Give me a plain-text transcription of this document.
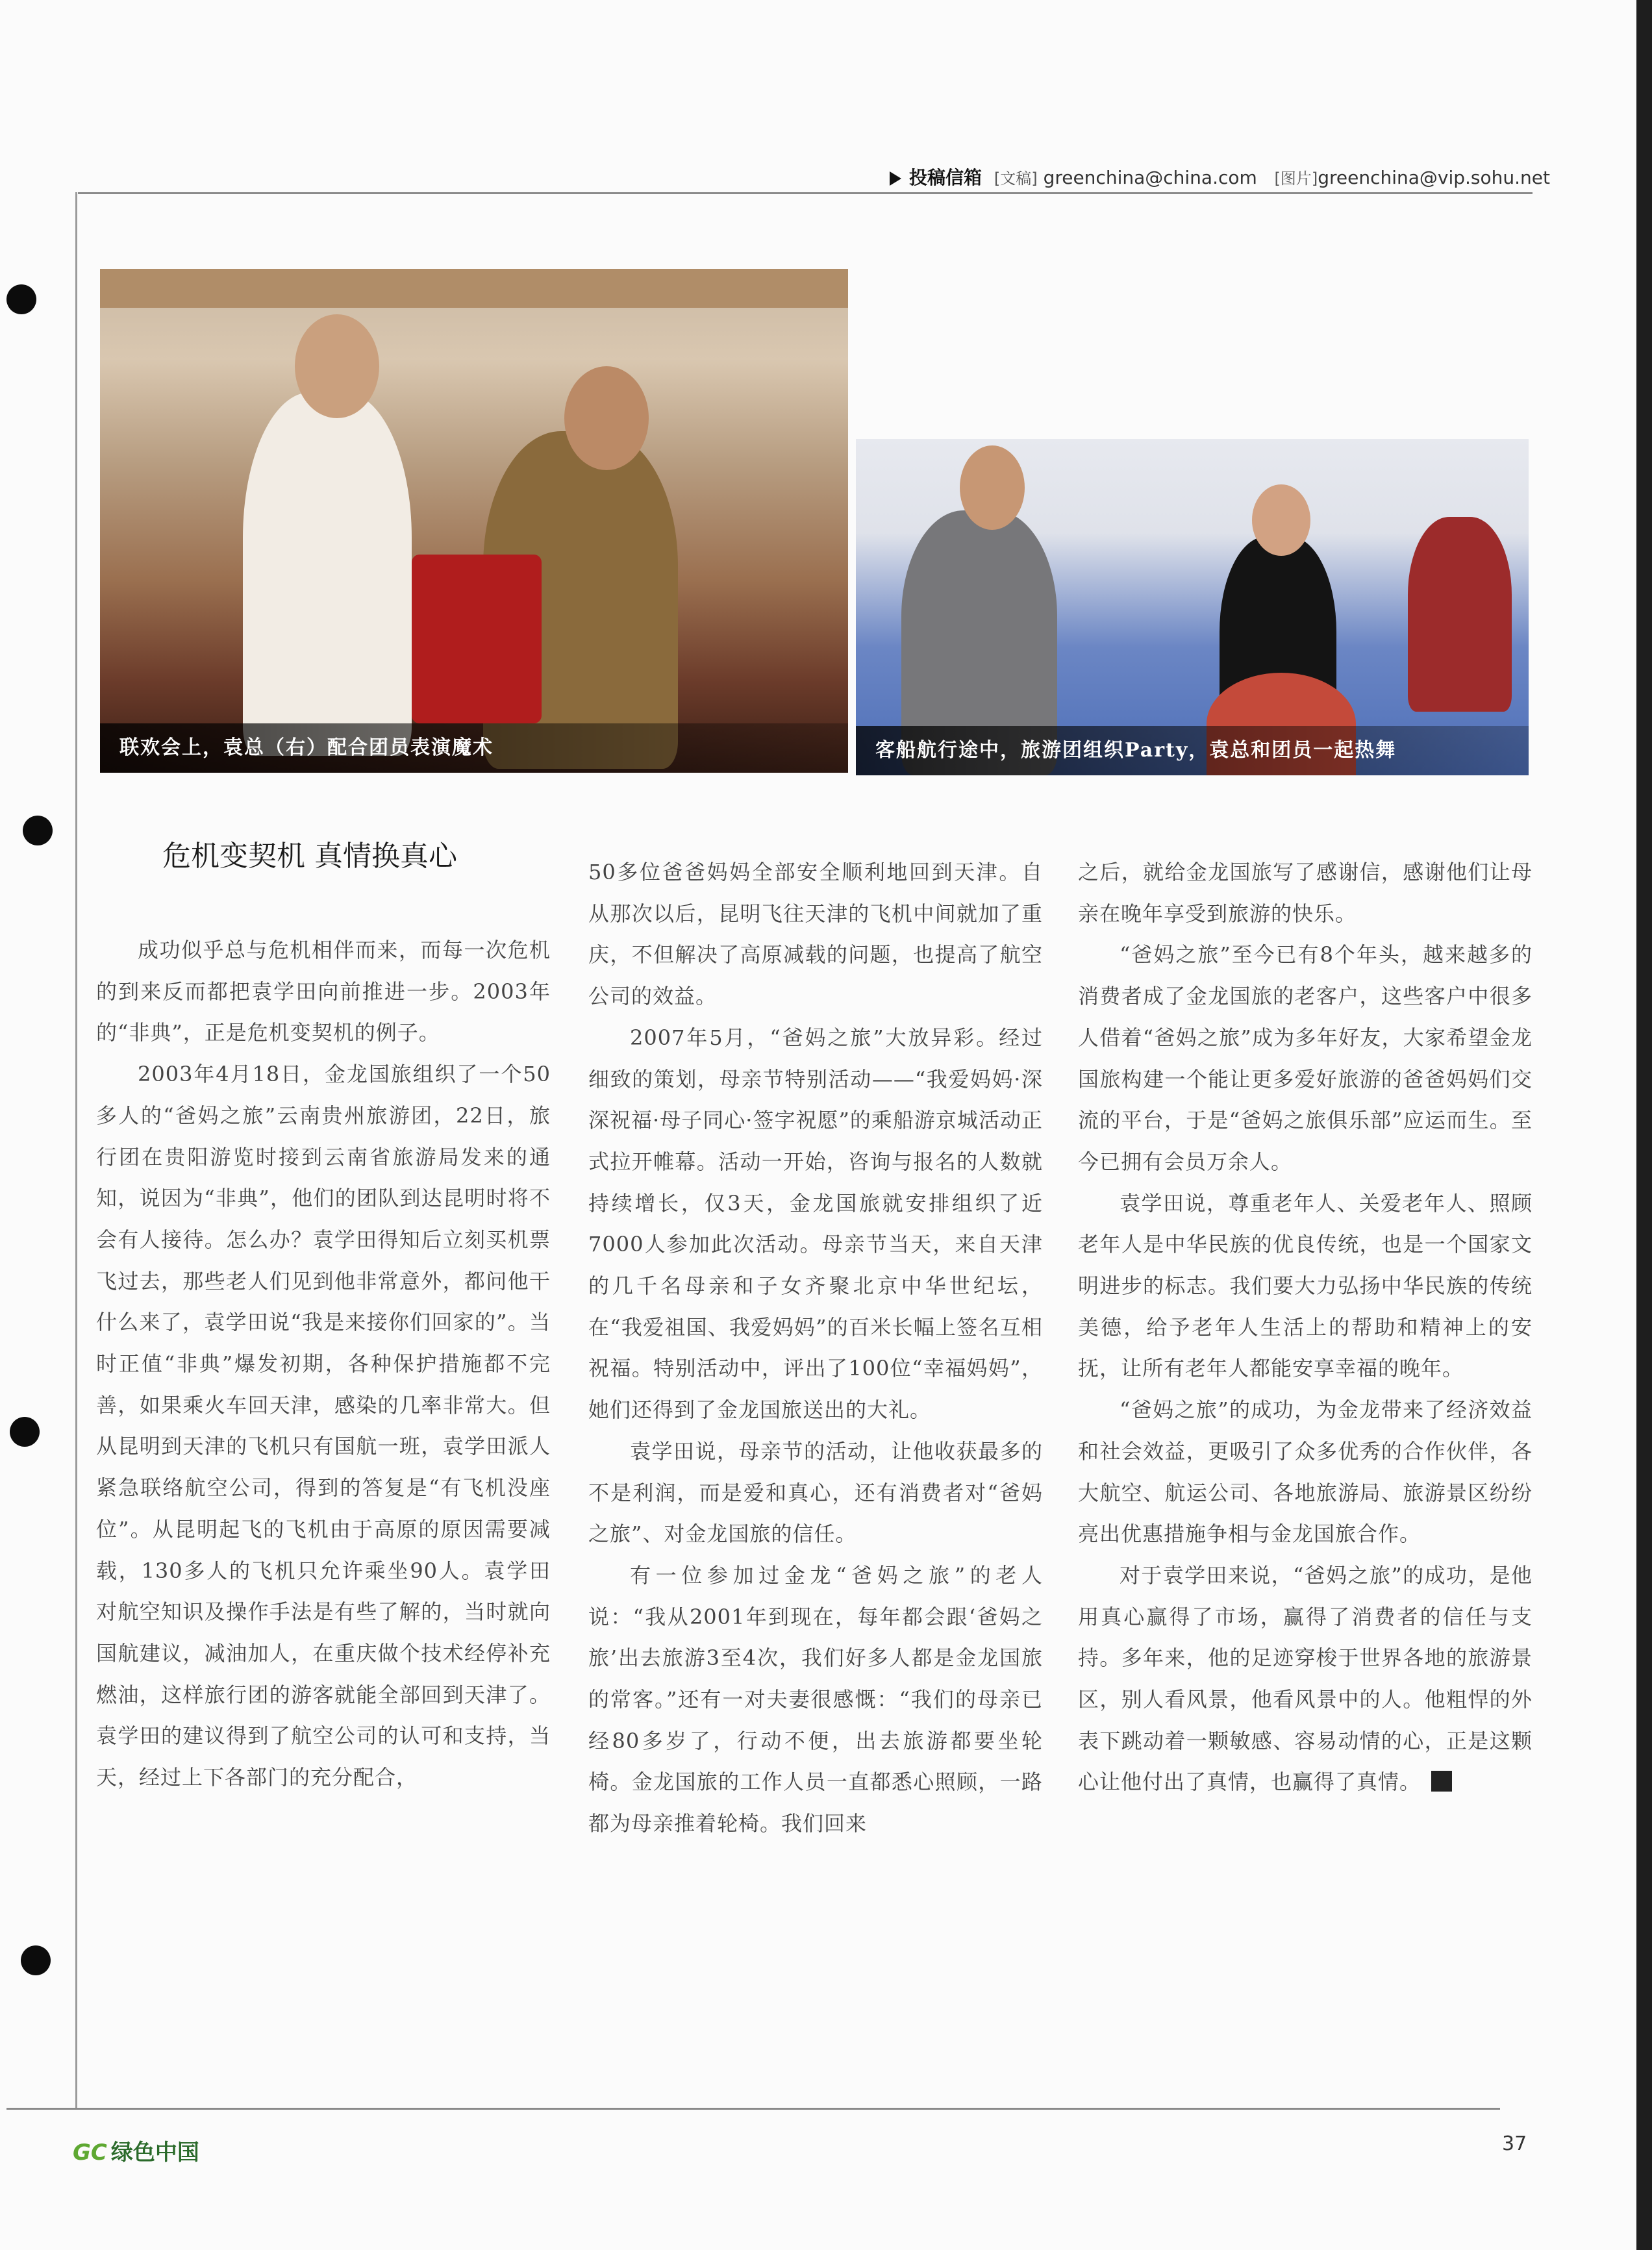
投稿信箱 [文稿] greenchina@china.com [图片]greenchina@vip.sohu.net
联欢会上，袁总（右）配合团员表演魔术	客船航行途中，旅游团组织Party，袁总和团员一起热舞
危机变契机 真情换真心

成功似乎总与危机相伴而来，而每一次危机的到来反而都把袁学田向前推进一步。2003年的“非典”，正是危机变契机的例子。

2003年4月18日，金龙国旅组织了一个50多人的“爸妈之旅”云南贵州旅游团，22日，旅行团在贵阳游览时接到云南省旅游局发来的通知，说因为“非典”，他们的团队到达昆明时将不会有人接待。怎么办？袁学田得知后立刻买机票飞过去，那些老人们见到他非常意外，都问他干什么来了，袁学田说“我是来接你们回家的”。当时正值“非典”爆发初期，各种保护措施都不完善，如果乘火车回天津，感染的几率非常大。但从昆明到天津的飞机只有国航一班，袁学田派人紧急联络航空公司，得到的答复是“有飞机没座位”。从昆明起飞的飞机由于高原的原因需要减载，130多人的飞机只允许乘坐90人。袁学田对航空知识及操作手法是有些了解的，当时就向国航建议，减油加人，在重庆做个技术经停补充燃油，这样旅行团的游客就能全部回到天津了。袁学田的建议得到了航空公司的认可和支持，当天，经过上下各部门的充分配合，

50多位爸爸妈妈全部安全顺利地回到天津。自从那次以后，昆明飞往天津的飞机中间就加了重庆，不但解决了高原减载的问题，也提高了航空公司的效益。

2007年5月，“爸妈之旅”大放异彩。经过细致的策划，母亲节特别活动——“我爱妈妈·深深祝福·母子同心·签字祝愿”的乘船游京城活动正式拉开帷幕。活动一开始，咨询与报名的人数就持续增长，仅3天，金龙国旅就安排组织了近7000人参加此次活动。母亲节当天，来自天津的几千名母亲和子女齐聚北京中华世纪坛，在“我爱祖国、我爱妈妈”的百米长幅上签名互相祝福。特别活动中，评出了100位“幸福妈妈”，她们还得到了金龙国旅送出的大礼。

袁学田说，母亲节的活动，让他收获最多的不是利润，而是爱和真心，还有消费者对“爸妈之旅”、对金龙国旅的信任。

有一位参加过金龙“爸妈之旅”的老人说：“我从2001年到现在，每年都会跟‘爸妈之旅’出去旅游3至4次，我们好多人都是金龙国旅的常客。”还有一对夫妻很感慨：“我们的母亲已经80多岁了，行动不便，出去旅游都要坐轮椅。金龙国旅的工作人员一直都悉心照顾，一路都为母亲推着轮椅。我们回来

之后，就给金龙国旅写了感谢信，感谢他们让母亲在晚年享受到旅游的快乐。

“爸妈之旅”至今已有8个年头，越来越多的消费者成了金龙国旅的老客户，这些客户中很多人借着“爸妈之旅”成为多年好友，大家希望金龙国旅构建一个能让更多爱好旅游的爸爸妈妈们交流的平台，于是“爸妈之旅俱乐部”应运而生。至今已拥有会员万余人。

袁学田说，尊重老年人、关爱老年人、照顾老年人是中华民族的优良传统，也是一个国家文明进步的标志。我们要大力弘扬中华民族的传统美德，给予老年人生活上的帮助和精神上的安抚，让所有老年人都能安享幸福的晚年。

“爸妈之旅”的成功，为金龙带来了经济效益和社会效益，更吸引了众多优秀的合作伙伴，各大航空、航运公司、各地旅游局、旅游景区纷纷亮出优惠措施争相与金龙国旅合作。

对于袁学田来说，“爸妈之旅”的成功，是他用真心赢得了市场，赢得了消费者的信任与支持。多年来，他的足迹穿梭于世界各地的旅游景区，别人看风景，他看风景中的人。他粗悍的外表下跳动着一颗敏感、容易动情的心，正是这颗心让他付出了真情，也赢得了真情。

GC 绿色中国	37
